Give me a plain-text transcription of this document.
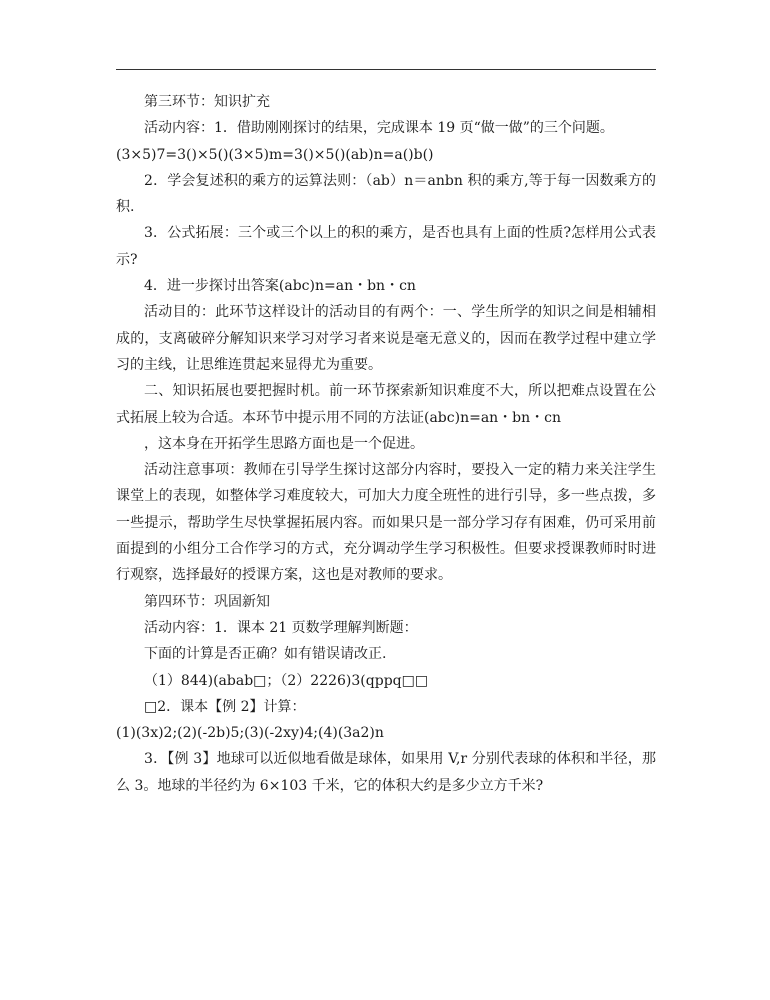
第三环节：知识扩充

活动内容：1．借助刚刚探讨的结果，完成课本 19 页“做一做”的三个问题。

(3×5)7=3()×5()(3×5)m=3()×5()(ab)n=a()b()

2．学会复述积的乘方的运算法则：（ab）n＝anbn 积的乘方,等于每一因数乘方的积.

3．公式拓展：三个或三个以上的积的乘方，是否也具有上面的性质?怎样用公式表示?

4．进一步探讨出答案(abc)n=an・bn・cn

活动目的：此环节这样设计的活动目的有两个：一、学生所学的知识之间是相辅相成的，支离破碎分解知识来学习对学习者来说是毫无意义的，因而在教学过程中建立学习的主线，让思维连贯起来显得尤为重要。

二、知识拓展也要把握时机。前一环节探索新知识难度不大，所以把难点设置在公式拓展上较为合适。本环节中提示用不同的方法证(abc)n=an・bn・cn

，这本身在开拓学生思路方面也是一个促进。

活动注意事项：教师在引导学生探讨这部分内容时，要投入一定的精力来关注学生课堂上的表现，如整体学习难度较大，可加大力度全班性的进行引导，多一些点拨，多一些提示，帮助学生尽快掌握拓展内容。而如果只是一部分学习存有困难，仍可采用前面提到的小组分工合作学习的方式，充分调动学生学习积极性。但要求授课教师时时进行观察，选择最好的授课方案，这也是对教师的要求。

第四环节：巩固新知

活动内容：1．课本 21 页数学理解判断题：

下面的计算是否正确？如有错误请改正.

（1）844)(abab□；（2）2226)3(qppq□□

□2．课本【例 2】计算：

(1)(3x)2;(2)(-2b)5;(3)(-2xy)4;(4)(3a2)n

3．【例 3】地球可以近似地看做是球体，如果用 V,r 分别代表球的体积和半径，那么 3。地球的半径约为 6×103 千米，它的体积大约是多少立方千米?
